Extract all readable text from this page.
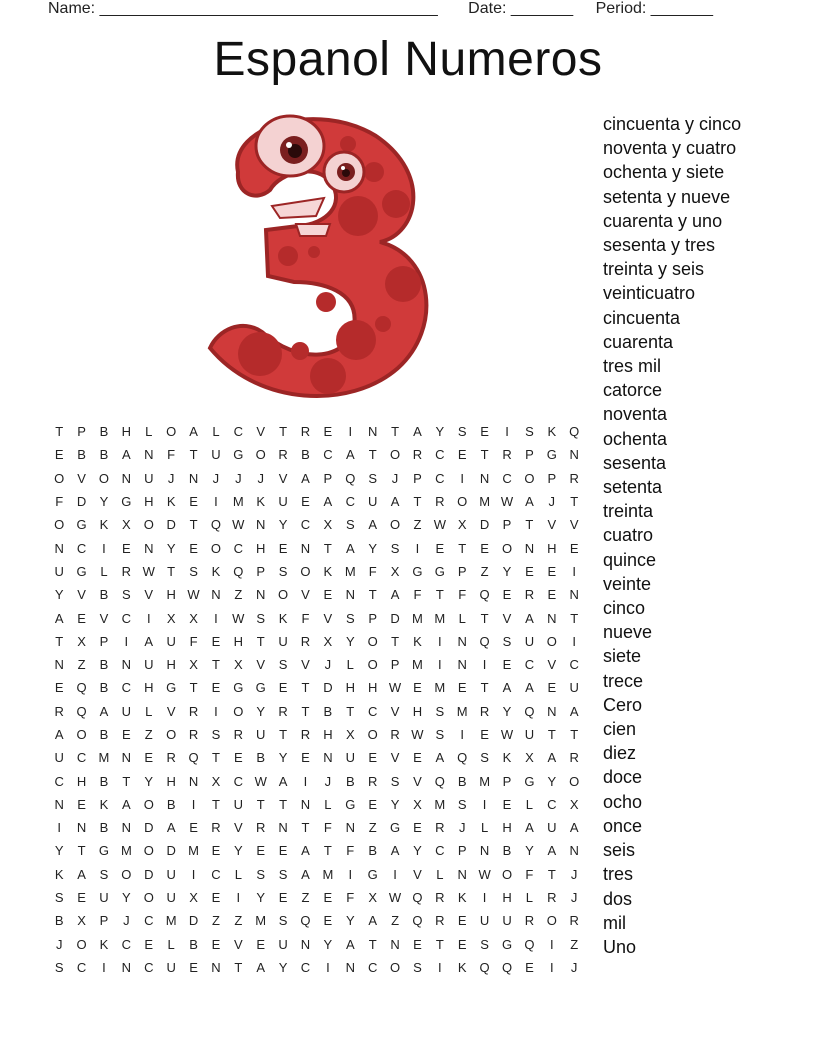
Name: ______________________________________ Date: _______ Period: _______
Espanol Numeros
T	P	B	H	L	O	A	L	C	V	T	R	E	I	N	T	A	Y	S	E	I	S	K Q
E	B	B	A	N	F	T	U G O R	B	C	A	T	O R	C	E	T	R	P G N
O	V O N	U	J	N	J	J	J	V	A	P Q	S	J	P	C	I	N	C O	P	R
F	D	Y G H	K	E	I	M K	U	E	A	C	U	A	T	R O M W A	J	T
O G	K	X O D	T	Q W N	Y	C	X	S	A O	Z W X	D	P	T	V	V
N	C	I	E	N	Y	E O C	H	E	N	T	A	Y	S	I	E	T	E O N	H	E
U G	L	R W T	S	K Q	P	S O	K M	F	X G G	P	Z	Y	E	E	I
Y	V	B	S	V	H W N	Z	N O	V	E	N	T	A	F	T	F	Q	E	R	E	N
A	E	V	C	I	X	X	I	W S	K	F	V	S	P	D M M	L	T	V	A	N	T
T	X	P	I	A	U	F	E	H	T	U	R	X	Y O	T	K	I	N Q	S	U O	I
N	Z	B	N	U	H	X	T	X	V	S	V	J	L	O	P M	I	N	I	E	C	V	C
E Q	B	C	H G	T	E G G	E	T	D	H	H W E M E	T	A	A	E	U
R Q	A	U	L	V	R	I	O	Y	R	T	B	T	C	V	H	S M R	Y Q N	A
A O	B	E	Z	O R	S	R	U	T	R	H	X O R W S	I	E W U	T	T
U	C M N	E	R Q	T	E	B	Y	E	N	U	E	V	E	A Q	S	K	X	A	R
C	H	B	T	Y	H	N	X	C W A	I	J	B	R	S	V Q	B M P G	Y O
N	E	K	A O	B	I	T	U	T	T	N	L	G	E	Y	X M S	I	E	L	C	X
I	N	B	N	D	A	E	R	V	R	N	T	F	N	Z	G	E	R	J	L	H	A	U	A
Y	T	G M O D M E	Y	E	E	A	T	F	B	A	Y	C	P	N	B	Y	A	N
K	A	S O D	U	I	C	L	S	S	A M	I	G	I	V	L	N W O	F	T	J
S	E	U	Y O U	X	E	I	Y	E	Z	E	F	X W Q R	K	I	H	L	R	J
B	X	P	J	C M D	Z	Z M S Q	E	Y	A	Z	Q R	E	U	U	R O R
J	O	K	C	E	L	B	E	V	E	U	N	Y	A	T	N	E	T	E	S G Q	I	Z
S	C	I	N	C	U	E	N	T	A	Y	C	I	N	C O	S	I	K Q Q	E	I	J
cincuenta y cinco
noventa y cuatro
ochenta y siete
setenta y nueve
cuarenta y uno
sesenta y tres
treinta y seis
veinticuatro
cincuenta
cuarenta
tres mil
catorce
noventa
ochenta
sesenta
setenta
treinta
cuatro
quince
veinte
cinco
nueve
siete
trece
Cero
cien
diez
doce
ocho
once
seis
tres
dos
mil
Uno
